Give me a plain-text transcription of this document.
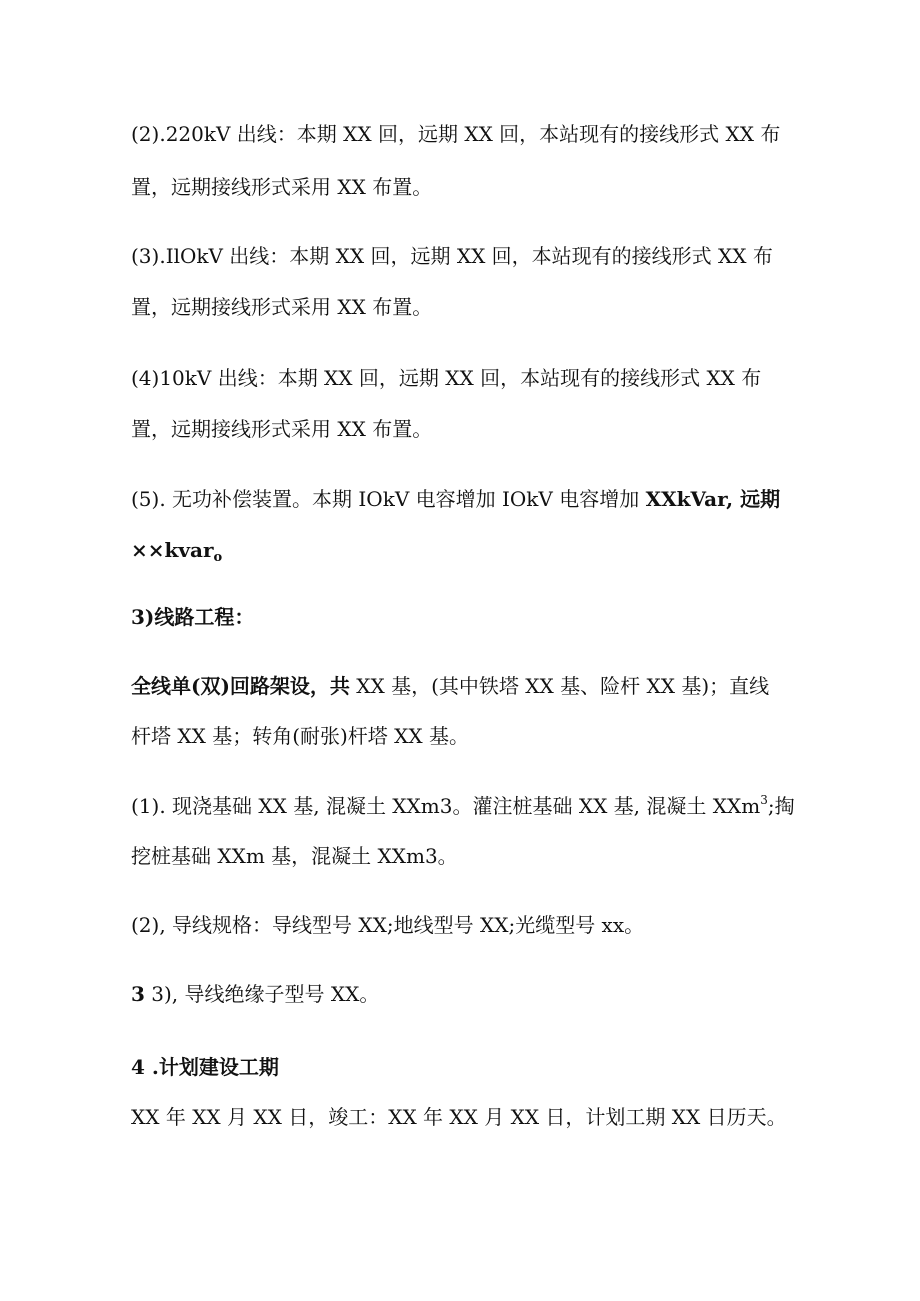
(2).220kV 出线：本期 XX 回，远期 XX 回，本站现有的接线形式 XX 布
置，远期接线形式采用 XX 布置。
(3).IlOkV 出线：本期 XX 回，远期 XX 回，本站现有的接线形式 XX 布
置，远期接线形式采用 XX 布置。
(4)10kV 出线：本期 XX 回，远期 XX 回，本站现有的接线形式 XX 布
置，远期接线形式采用 XX 布置。
(5). 无功补偿装置。本期 IOkV 电容增加 IOkV 电容增加 XXkVar, 远期
××kvar$_o$
3)线路工程：
全线单(双)回路架设，共 XX 基，(其中铁塔 XX 基、险杆 XX 基)；直线
杆塔 XX 基；转角(耐张)杆塔 XX 基。
(1). 现浇基础 XX 基, 混凝土 XXm3。灌注桩基础 XX 基, 混凝土 XXm$^3$;掏
挖桩基础 XXm 基，混凝土 XXm3。
(2), 导线规格：导线型号 XX;地线型号 XX;光缆型号 xx。
3 3), 导线绝缘子型号 XX。
4 .计划建设工期
XX 年 XX 月 XX 日，竣工：XX 年 XX 月 XX 日，计划工期 XX 日历天。
